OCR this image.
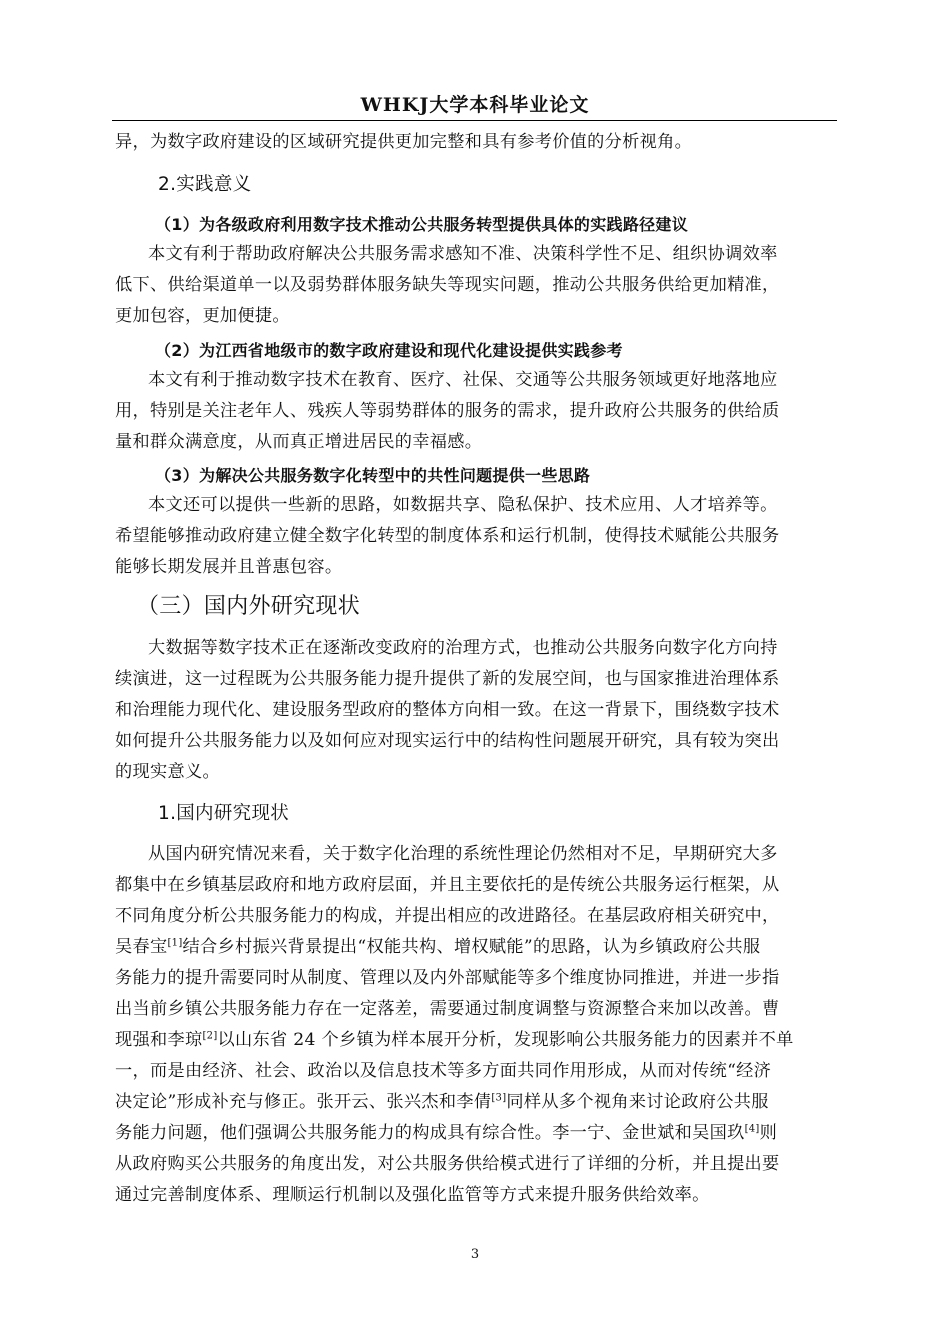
WHKJ大学本科毕业论文
异，为数字政府建设的区域研究提供更加完整和具有参考价值的分析视角。
2.实践意义
（1）为各级政府利用数字技术推动公共服务转型提供具体的实践路径建议
本文有利于帮助政府解决公共服务需求感知不准、决策科学性不足、组织协调效率
低下、供给渠道单一以及弱势群体服务缺失等现实问题，推动公共服务供给更加精准，
更加包容，更加便捷。
（2）为江西省地级市的数字政府建设和现代化建设提供实践参考
本文有利于推动数字技术在教育、医疗、社保、交通等公共服务领域更好地落地应
用，特别是关注老年人、残疾人等弱势群体的服务的需求，提升政府公共服务的供给质
量和群众满意度，从而真正增进居民的幸福感。
（3）为解决公共服务数字化转型中的共性问题提供一些思路
本文还可以提供一些新的思路，如数据共享、隐私保护、技术应用、人才培养等。
希望能够推动政府建立健全数字化转型的制度体系和运行机制，使得技术赋能公共服务
能够长期发展并且普惠包容。
（三）国内外研究现状
大数据等数字技术正在逐渐改变政府的治理方式，也推动公共服务向数字化方向持
续演进，这一过程既为公共服务能力提升提供了新的发展空间，也与国家推进治理体系
和治理能力现代化、建设服务型政府的整体方向相一致。在这一背景下，围绕数字技术
如何提升公共服务能力以及如何应对现实运行中的结构性问题展开研究，具有较为突出
的现实意义。
1.国内研究现状
从国内研究情况来看，关于数字化治理的系统性理论仍然相对不足，早期研究大多
都集中在乡镇基层政府和地方政府层面，并且主要依托的是传统公共服务运行框架，从
不同角度分析公共服务能力的构成，并提出相应的改进路径。在基层政府相关研究中，
吴春宝[1]结合乡村振兴背景提出“权能共构、增权赋能”的思路，认为乡镇政府公共服
务能力的提升需要同时从制度、管理以及内外部赋能等多个维度协同推进，并进一步指
出当前乡镇公共服务能力存在一定落差，需要通过制度调整与资源整合来加以改善。曹
现强和李琼[2]以山东省 24 个乡镇为样本展开分析，发现影响公共服务能力的因素并不单
一，而是由经济、社会、政治以及信息技术等多方面共同作用形成，从而对传统“经济
决定论”形成补充与修正。张开云、张兴杰和李倩[3]同样从多个视角来讨论政府公共服
务能力问题，他们强调公共服务能力的构成具有综合性。李一宁、金世斌和吴国玖[4]则
从政府购买公共服务的角度出发，对公共服务供给模式进行了详细的分析，并且提出要
通过完善制度体系、理顺运行机制以及强化监管等方式来提升服务供给效率。
3
